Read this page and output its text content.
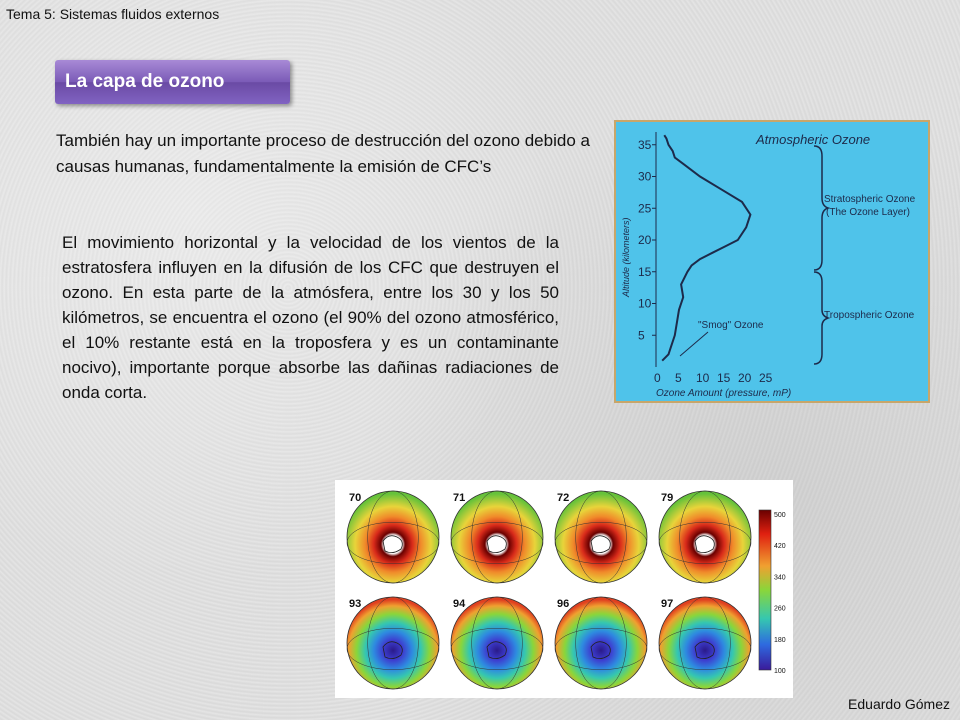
Tema 5: Sistemas fluidos externos
La capa de ozono
También hay un importante proceso de destrucción del ozono debido a causas humanas, fundamentalmente la emisión de CFC’s
El movimiento horizontal y la velocidad de los vientos de la estratosfera influyen en la difusión de los CFC que destruyen el ozono. En esta parte de la atmósfera, entre los 30 y los 50 kilómetros, se encuentra el ozono (el 90% del ozono atmosférico, el 10% restante está en la troposfera y es un contaminante nocivo), importante porque absorbe las dañinas radiaciones de onda corta.
Atmospheric Ozone
Altitude (kilometers)
Ozone Amount (pressure, mP)
35
30
25
20
15
10
5
0 5 10 15 20 25
Stratospheric Ozone
(The Ozone Layer)
Tropospheric Ozone
"Smog" Ozone
70	71	72	79
93	94	96	97
500
420
340
260
180
100
Eduardo Gómez
